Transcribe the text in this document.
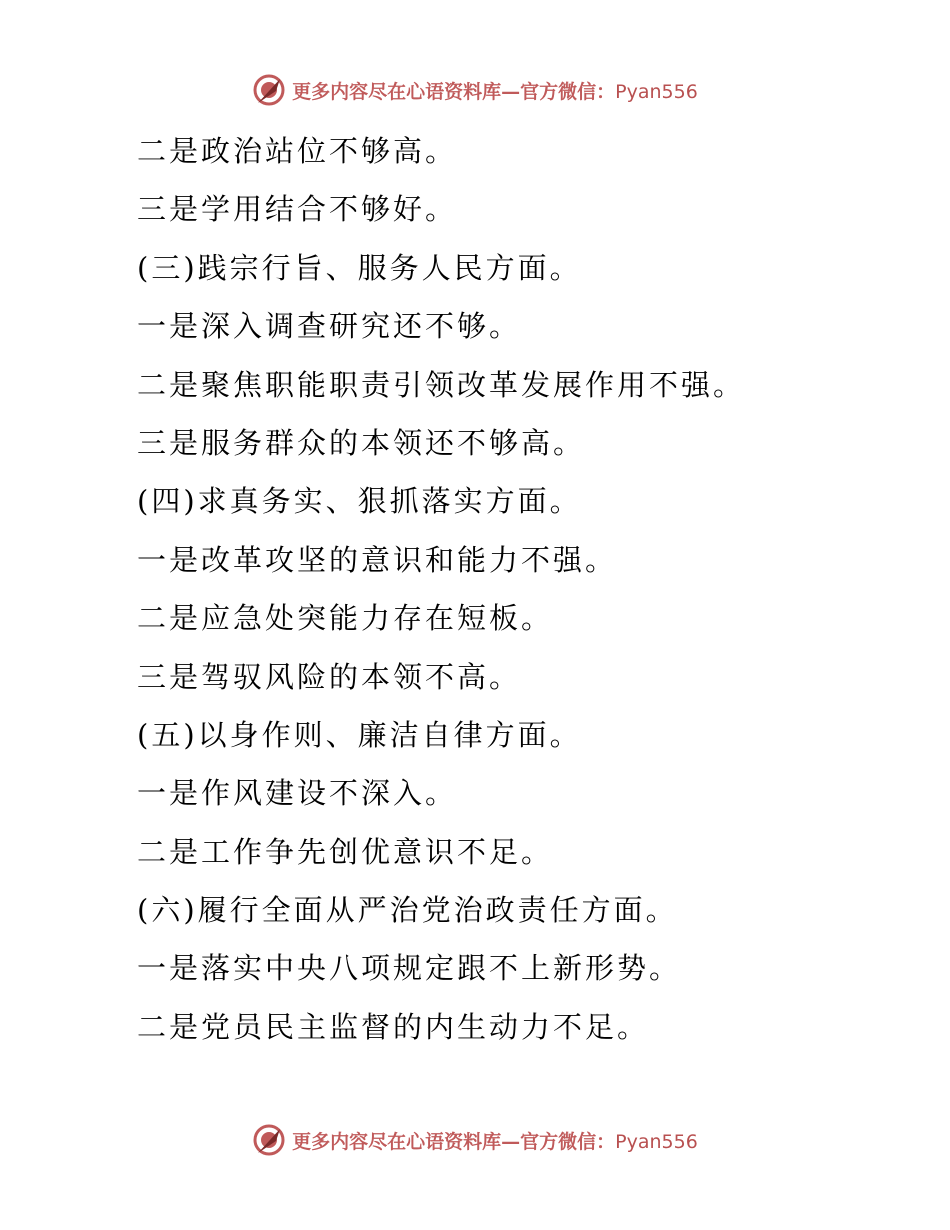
更多内容尽在心语资料库—官方微信：Pyan556
二是政治站位不够高。
三是学用结合不够好。
(三)践宗行旨、服务人民方面。
一是深入调查研究还不够。
二是聚焦职能职责引领改革发展作用不强。
三是服务群众的本领还不够高。
(四)求真务实、狠抓落实方面。
一是改革攻坚的意识和能力不强。
二是应急处突能力存在短板。
三是驾驭风险的本领不高。
(五)以身作则、廉洁自律方面。
一是作风建设不深入。
二是工作争先创优意识不足。
(六)履行全面从严治党治政责任方面。
一是落实中央八项规定跟不上新形势。
二是党员民主监督的内生动力不足。
更多内容尽在心语资料库—官方微信：Pyan556
